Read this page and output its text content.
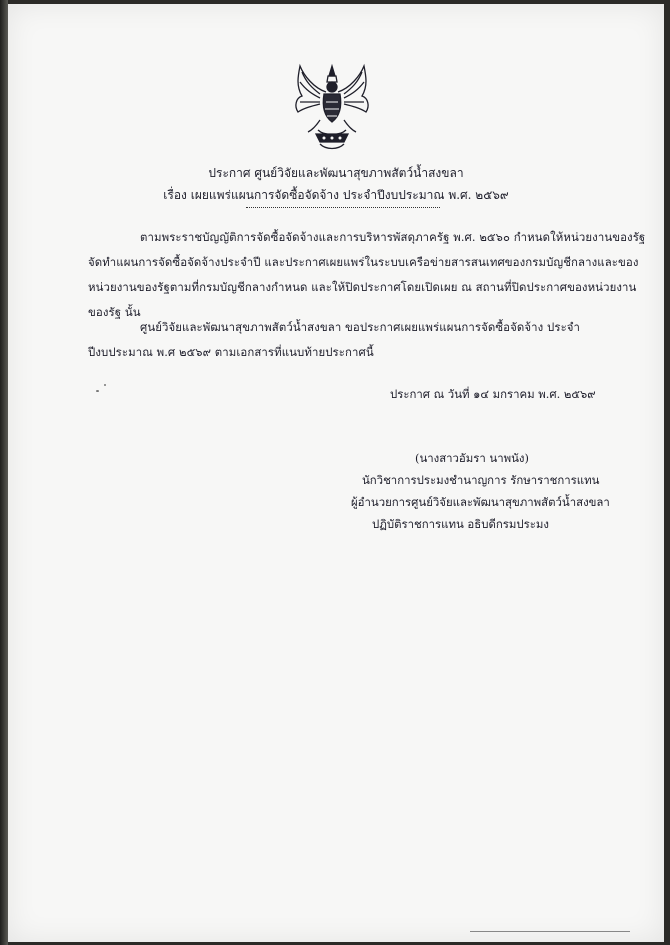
ประกาศ ศูนย์วิจัยและพัฒนาสุขภาพสัตว์น้ำสงขลา
เรื่อง เผยแพร่แผนการจัดซื้อจัดจ้าง ประจำปีงบประมาณ พ.ศ. ๒๕๖๙
ตามพระราชบัญญัติการจัดซื้อจัดจ้างและการบริหารพัสดุภาครัฐ พ.ศ. ๒๕๖๐ กำหนดให้หน่วยงานของรัฐ
จัดทำแผนการจัดซื้อจัดจ้างประจำปี และประกาศเผยแพร่ในระบบเครือข่ายสารสนเทศของกรมบัญชีกลางและของ
หน่วยงานของรัฐตามที่กรมบัญชีกลางกำหนด และให้ปิดประกาศโดยเปิดเผย ณ สถานที่ปิดประกาศของหน่วยงาน
ของรัฐ นั้น
ศูนย์วิจัยและพัฒนาสุขภาพสัตว์น้ำสงขลา ขอประกาศเผยแพร่แผนการจัดซื้อจัดจ้าง ประจำ
ปีงบประมาณ พ.ศ ๒๕๖๙ ตามเอกสารที่แนบท้ายประกาศนี้
ประกาศ ณ วันที่ ๑๔ มกราคม พ.ศ. ๒๕๖๙
(นางสาวอัมรา นาพนัง)
นักวิชาการประมงชำนาญการ รักษาราชการแทน
ผู้อำนวยการศูนย์วิจัยและพัฒนาสุขภาพสัตว์น้ำสงขลา
ปฏิบัติราชการแทน อธิบดีกรมประมง
